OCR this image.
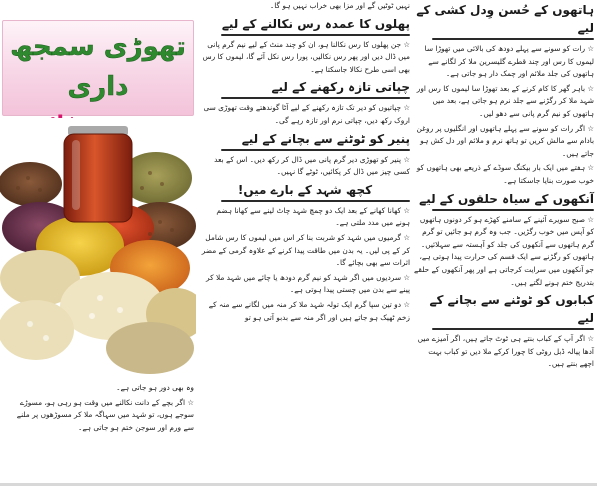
تھوڑی سمجھ داری

وہ بھی دور ہو جاتی ہے۔

☆ اگر بچے کے دانت نکالنے میں وقت ہو رہی ہو، مسوڑے سوجے ہوں، تو شہد میں سہاگہ ملا کر مسوڑھوں پر ملنے سے ورم اور سوجن ختم ہو جاتی ہے۔

نہیں ٹوٹیں گے اور مزا بھی خراب نہیں ہو گا۔

پھلوں کا عمدہ رس نکالنے کے لیے

☆ جن پھلوں کا رس نکالنا ہو، ان کو چند منٹ کے لیے نیم گرم پانی میں ڈال دیں اور پھر رس نکالیں، پورا رس نکل آئے گا، لیموں کا رس بھی اسی طرح نکالا جاسکتا ہے۔

چپاتی تازہ رکھنے کے لیے

☆ چپاتیوں کو دیر تک تازہ رکھنے کے لیے آٹا گوندھتے وقت تھوڑی سی اروک رکھ دیں، چپاتی نرم اور تازہ رہے گی۔

پنیر کو ٹوٹنے سے بچانے کے لیے

☆ پنیر کو تھوڑی دیر گرم پانی میں ڈال کر رکھ دیں۔ اس کے بعد کسی چیز میں ڈال کر پکائیں، ٹوٹے گا نہیں۔

کچھ شہد کے بارے میں!

☆ کھانا کھانے کے بعد ایک دو چمچ شہد چاٹ لینے سے کھانا ہضم ہونے میں مدد ملتی ہے۔

☆ گرمیوں میں شہد کو شربت بنا کر اس میں لیموں کا رس شامل کر کے پی لیں۔ یہ بدن میں طاقت پیدا کرنے کے علاوہ گرمی کے مضر اثرات سے بھی بچائے گا۔

☆ سردیوں میں اگر شہد کو نیم گرم دودھ یا چائے میں شہد ملا کر پینے سے بدن میں چستی پیدا ہوتی ہے۔

☆ دو تین سپا گرم ایک تولہ شہد ملا کر منہ میں لگانے سے منہ کے زخم ٹھیک ہو جاتے ہیں اور اگر منہ سے بدبو آتی ہو تو

ہاتھوں کے حُسن وِدل کشی کے لیے

☆ رات کو سونے سے پہلے دودھ کی بالائی میں تھوڑا سا لیموں کا رس اور چند قطرے گلیسرین ملا کر لگانے سے ہاتھوں کی جلد ملائم اور چمک دار ہو جاتی ہے۔

☆ باہر گھر کا کام کرنے کے بعد تھوڑا سا لیموں کا رس اور شہد ملا کر رگڑنے سے جلد نرم ہو جاتی ہے، بعد میں ہاتھوں کو نیم گرم پانی سے دھو لیں۔

☆ اگر رات کو سونے سے پہلے ہاتھوں اور انگلیوں پر روغن بادام سے مالش کریں تو ہاتھ نرم و ملائم اور دل کش ہو جاتے ہیں۔

☆ ہفتے میں ایک بار بیکنگ سوڈے کے ذریعے بھی ہاتھوں کو خوب صورت بنایا جاسکتا ہے۔

آنکھوں کے سیاہ حلقوں کے لیے

☆ صبح سویرے آئینے کے سامنے کھڑے ہو کر دونوں ہاتھوں کو آپس میں خوب رگڑیں۔ جب وہ گرم ہو جائیں تو گرم گرم ہاتھوں سے آنکھوں کی جلد کو آہستہ سے سہلائیں۔ ہاتھوں کو رگڑنے سے ایک قسم کی حرارت پیدا ہوتی ہے، جو آنکھوں میں سرایت کرجاتی ہے اور پھر آنکھوں کے حلقے بتدریج ختم ہونے لگتے ہیں۔

کبابوں کو ٹوٹنے سے بچانے کے لیے

☆ اگر آپ کے کباب بنتے ہی ٹوٹ جاتے ہیں، اگر آمیزے میں آدھا پیالہ ڈبل روٹی کا چورا کرکے ملا دیں تو کباب بہت اچھے بنتے ہیں۔
